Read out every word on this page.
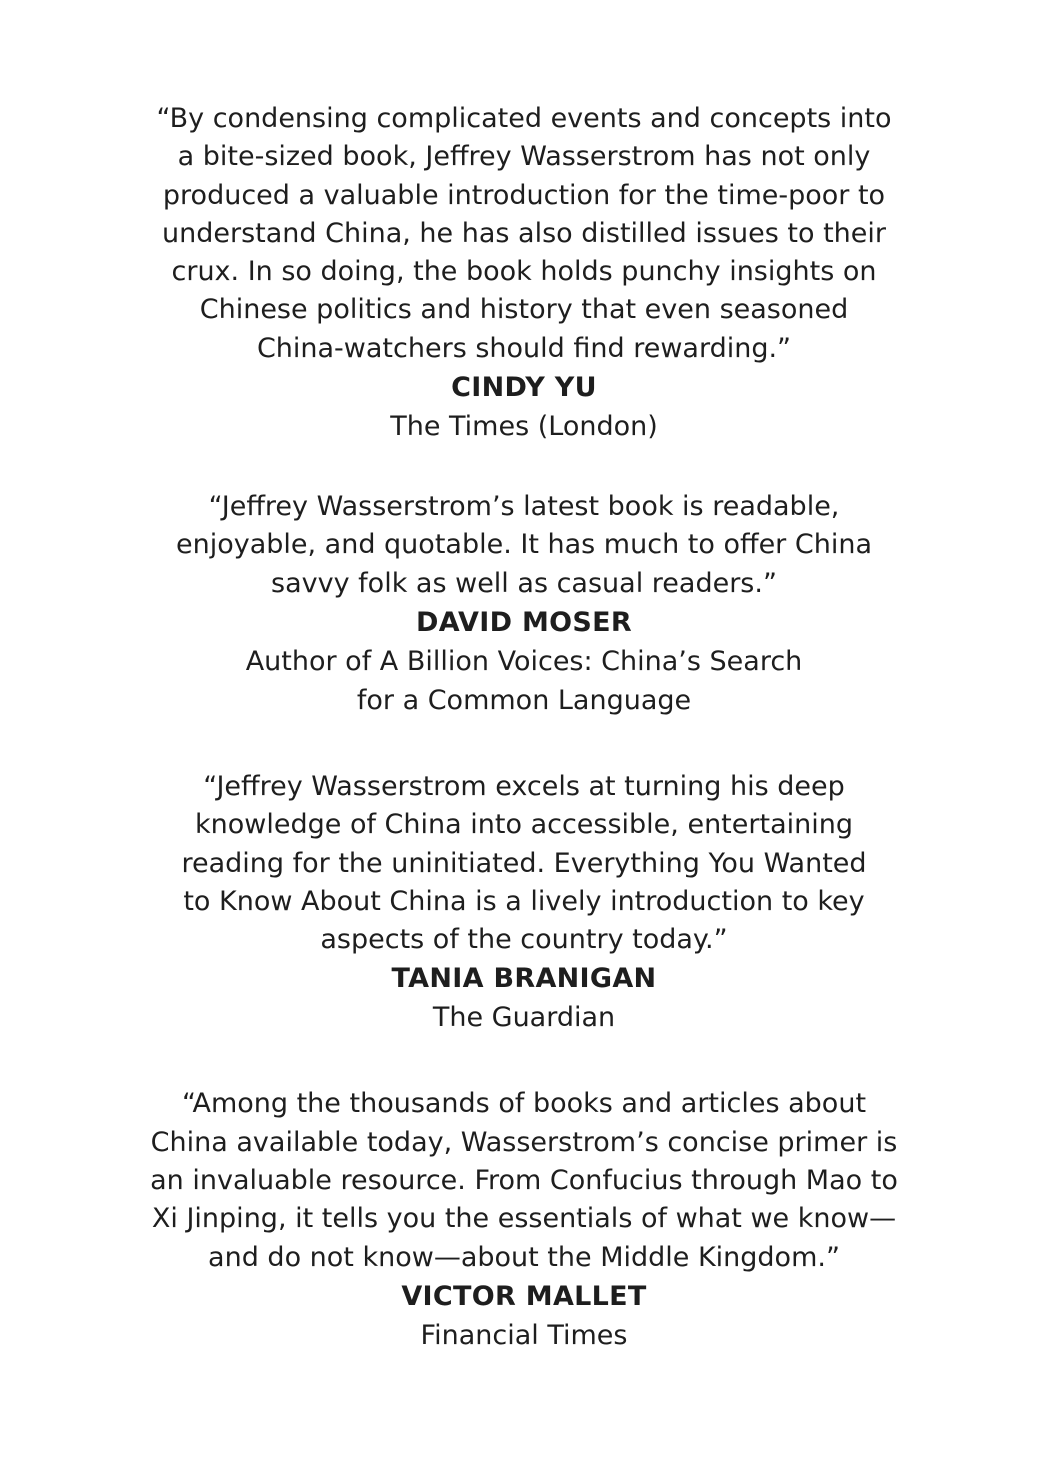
“By condensing complicated events and concepts into
a bite-sized book, Jeffrey Wasserstrom has not only
produced a valuable introduction for the time-poor to
understand China, he has also distilled issues to their
crux. In so doing, the book holds punchy insights on
Chinese politics and history that even seasoned
China-watchers should find rewarding.”

CINDY YU

The Times (London)

“Jeffrey Wasserstrom’s latest book is readable,
enjoyable, and quotable. It has much to offer China
savvy folk as well as casual readers.”

DAVID MOSER

Author of A Billion Voices: China’s Search
for a Common Language

“Jeffrey Wasserstrom excels at turning his deep
knowledge of China into accessible, entertaining
reading for the uninitiated. Everything You Wanted
to Know About China is a lively introduction to key
aspects of the country today.”

TANIA BRANIGAN

The Guardian

“Among the thousands of books and articles about
China available today, Wasserstrom’s concise primer is
an invaluable resource. From Confucius through Mao to
Xi Jinping, it tells you the essentials of what we know—
and do not know—about the Middle Kingdom.”

VICTOR MALLET

Financial Times
